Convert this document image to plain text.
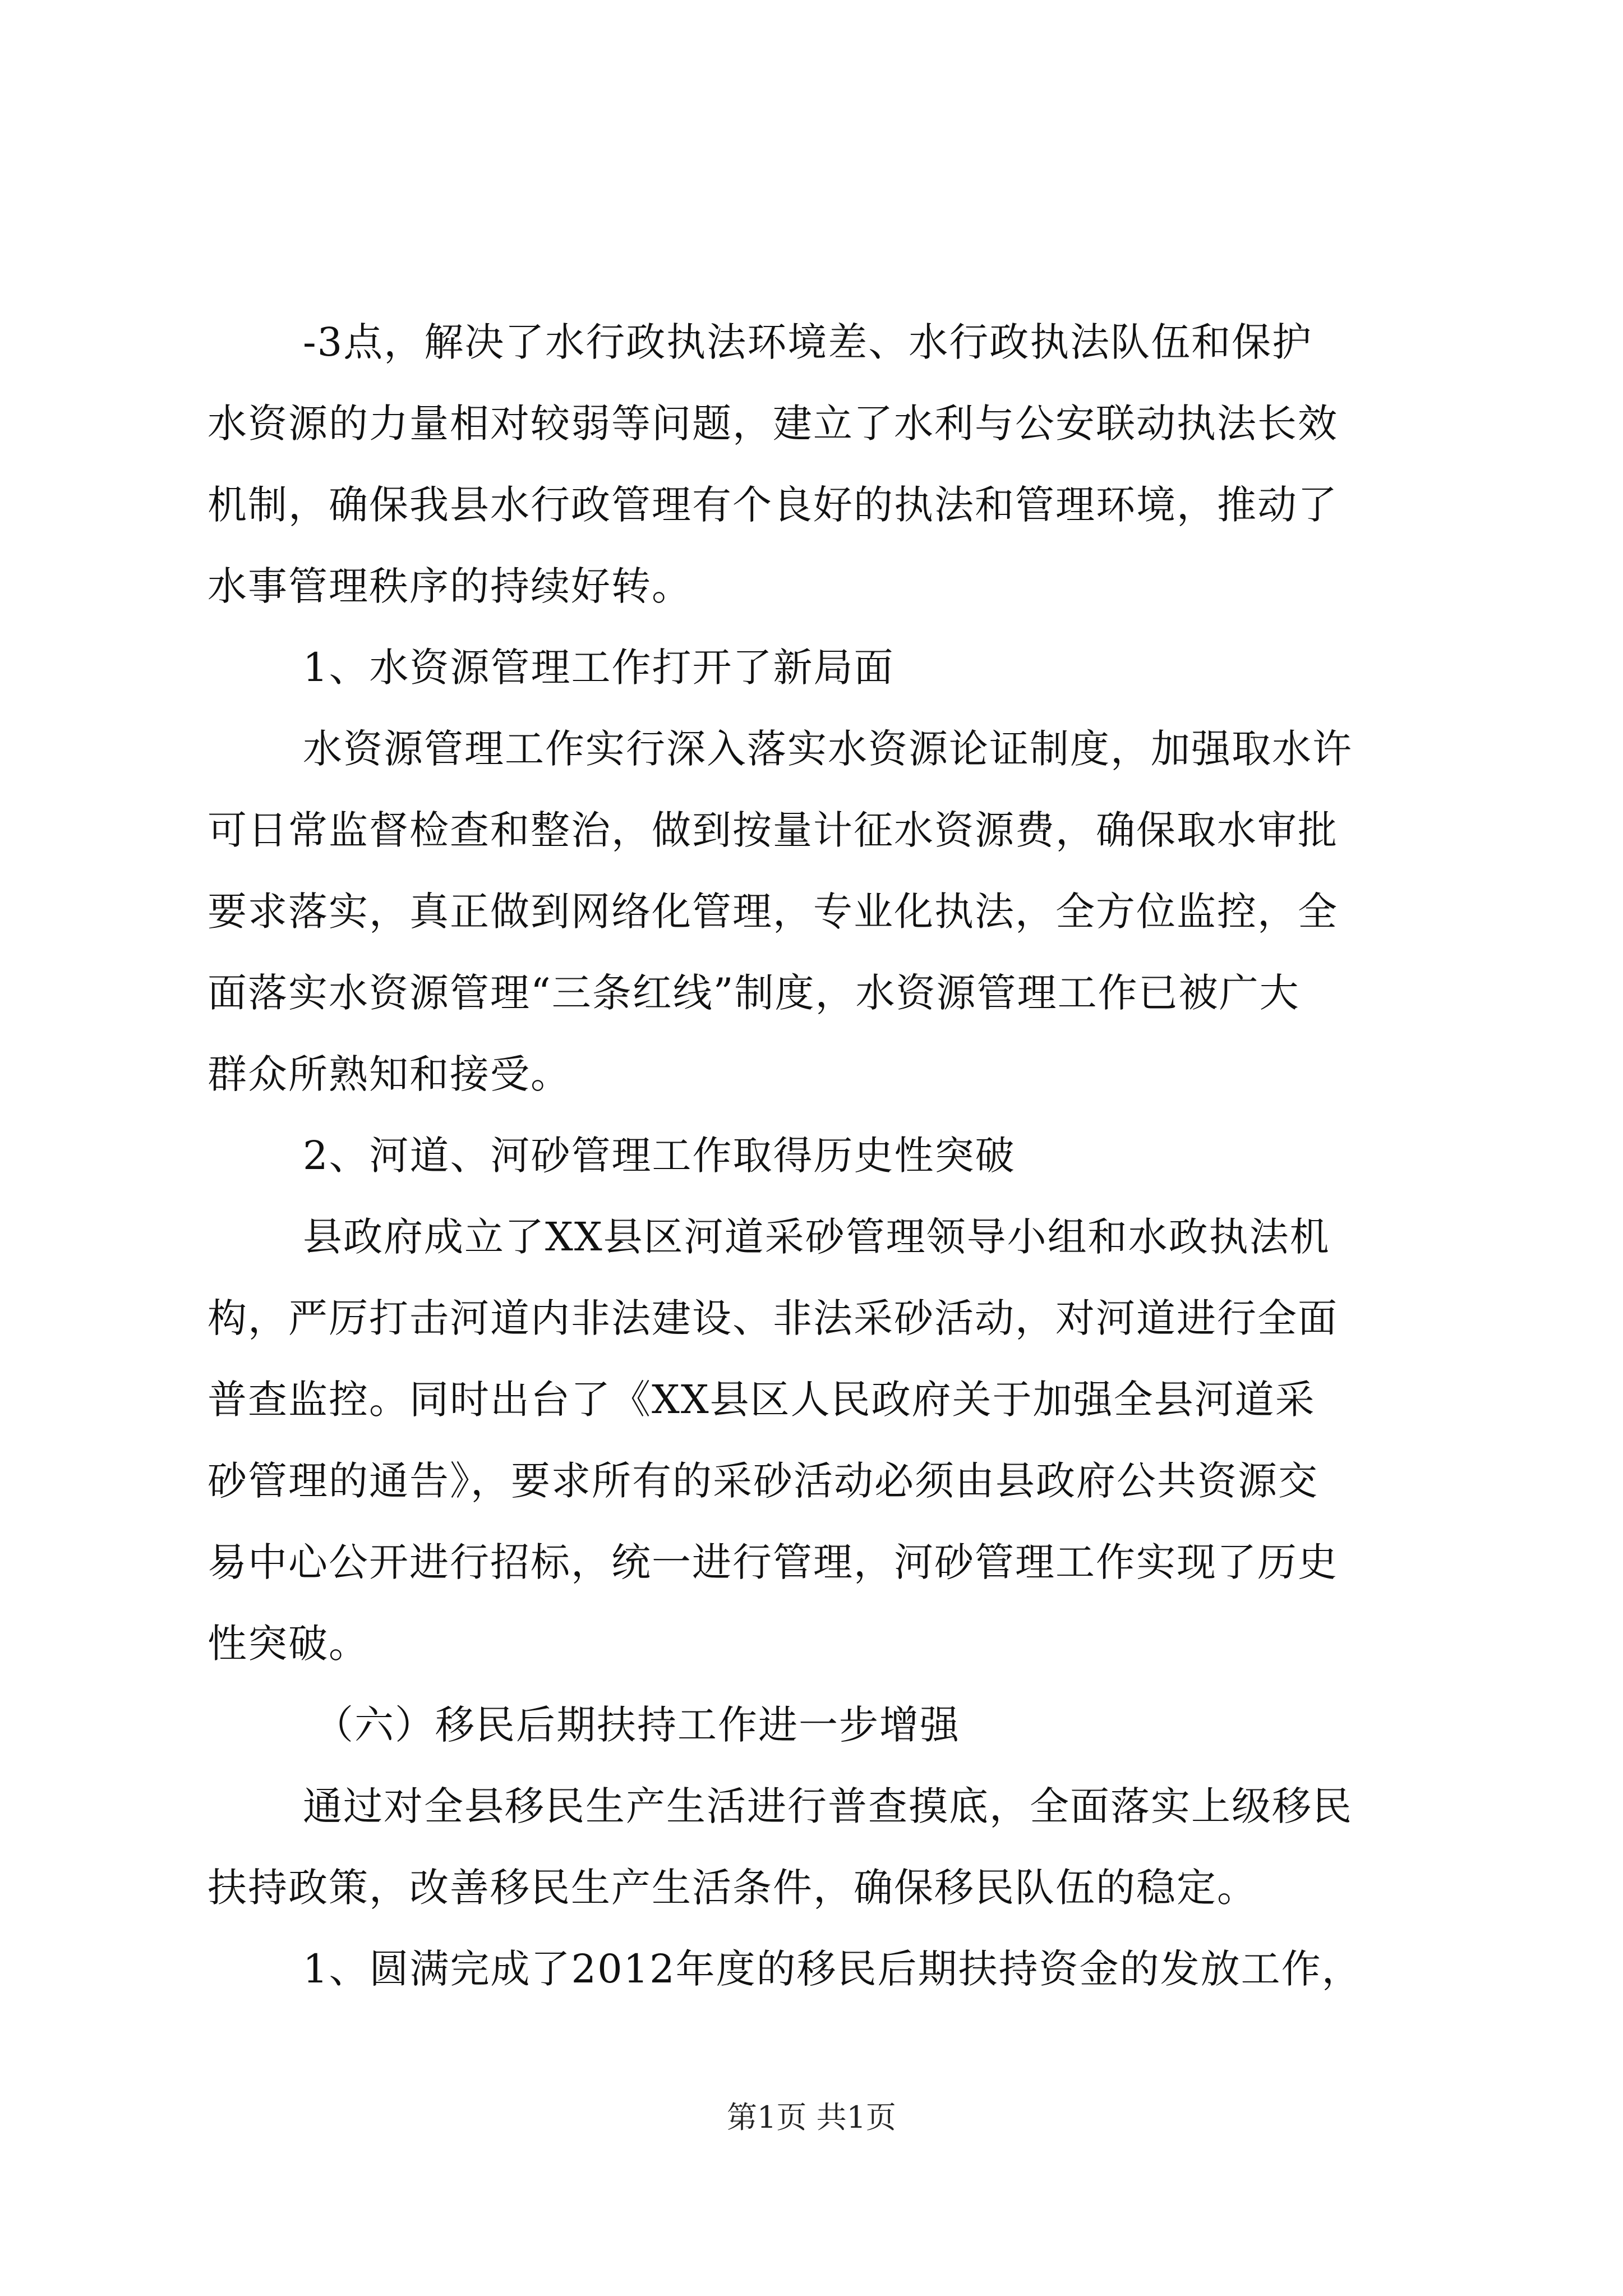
-3点，解决了水行政执法环境差、水行政执法队伍和保护
水资源的力量相对较弱等问题，建立了水利与公安联动执法长效
机制，确保我县水行政管理有个良好的执法和管理环境，推动了
水事管理秩序的持续好转。
1、水资源管理工作打开了新局面
水资源管理工作实行深入落实水资源论证制度，加强取水许
可日常监督检查和整治，做到按量计征水资源费，确保取水审批
要求落实，真正做到网络化管理，专业化执法，全方位监控，全
面落实水资源管理“三条红线”制度，水资源管理工作已被广大
群众所熟知和接受。
2、河道、河砂管理工作取得历史性突破
县政府成立了XX县区河道采砂管理领导小组和水政执法机
构，严厉打击河道内非法建设、非法采砂活动，对河道进行全面
普查监控。同时出台了《XX县区人民政府关于加强全县河道采
砂管理的通告》，要求所有的采砂活动必须由县政府公共资源交
易中心公开进行招标，统一进行管理，河砂管理工作实现了历史
性突破。
（六）移民后期扶持工作进一步增强
通过对全县移民生产生活进行普查摸底，全面落实上级移民
扶持政策，改善移民生产生活条件，确保移民队伍的稳定。
1、圆满完成了2012年度的移民后期扶持资金的发放工作，
第1页 共1页
